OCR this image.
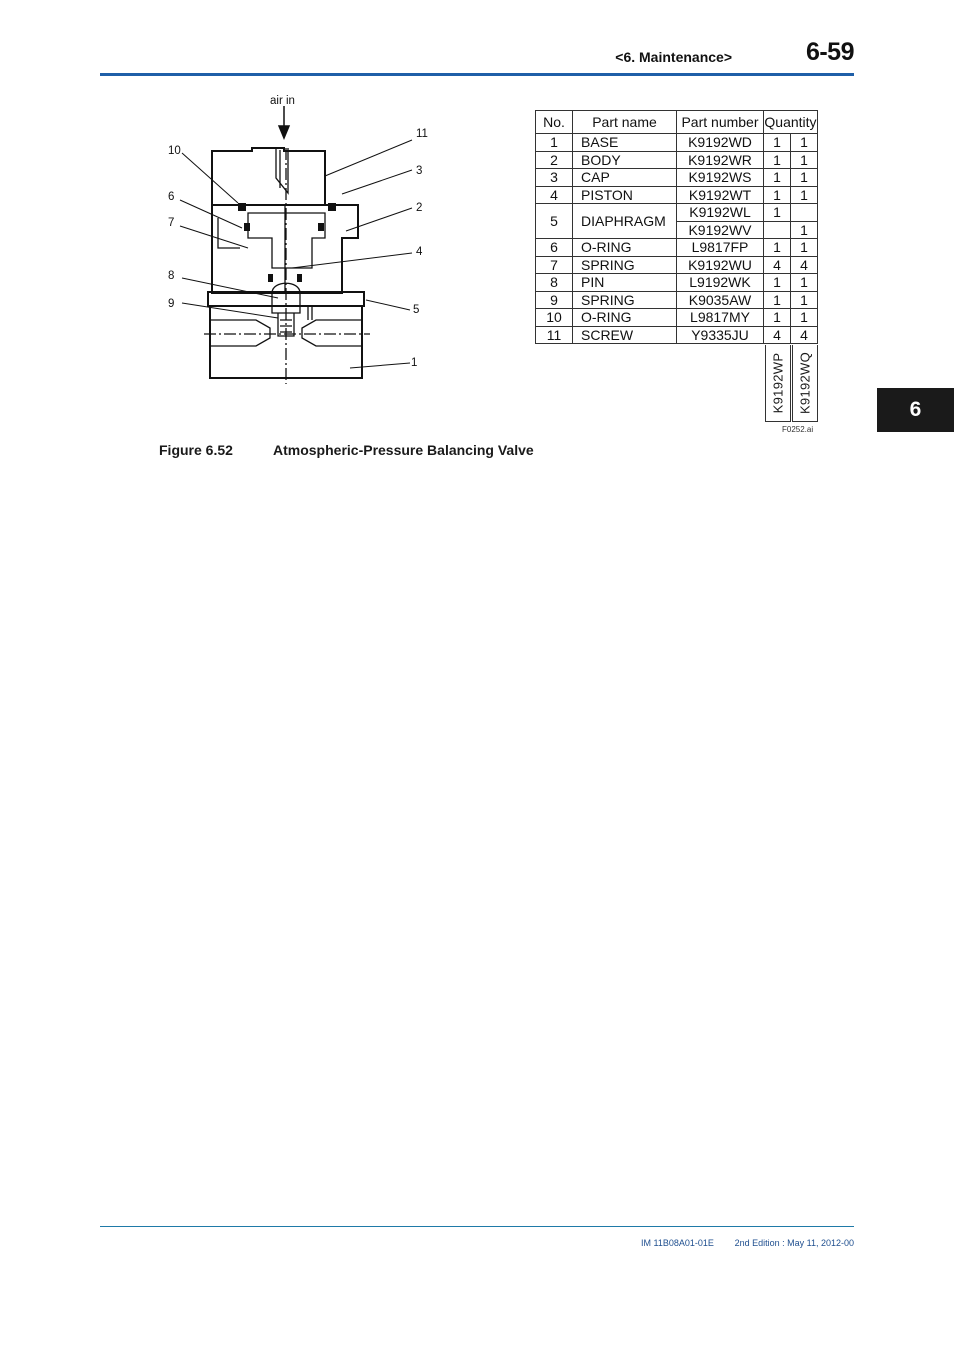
<6. Maintenance>	6-59
6
air in
10
6
7
8
9
11
3
2
4
5
1
No.	Part name	Part number	Quantity	
1	BASE	K9192WD	1	1
2	BODY	K9192WR	1	1
3	CAP	K9192WS	1	1
4	PISTON	K9192WT	1	1
5	DIAPHRAGM	K9192WL	1	
		K9192WV		1
6	O-RING	L9817FP	1	1
7	SPRING	K9192WU	4	4
8	PIN	L9192WK	1	1
9	SPRING	K9035AW	1	1
10	O-RING	L9817MY	1	1
11	SCREW	Y9335JU	4	4
K9192WP K9192WQ
F0252.ai
Figure 6.52	Atmospheric-Pressure Balancing Valve
IM 11B08A01-01E 2nd Edition : May 11, 2012-00
